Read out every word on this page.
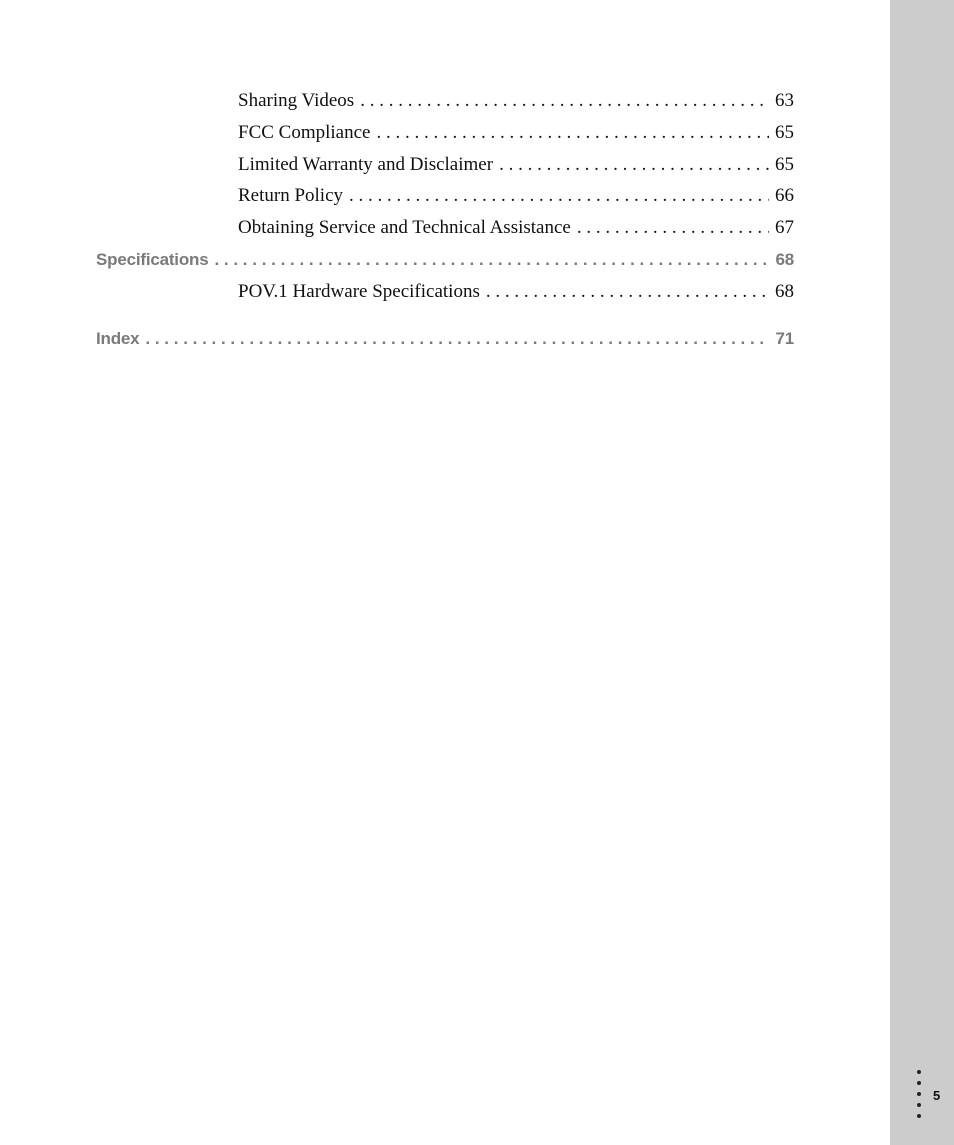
Sharing Videos . . .	63
FCC Compliance . . .	65
Limited Warranty and Disclaimer . . .	65
Return Policy . . .	66
Obtaining Service and Technical Assistance . . .	67
Specifications . . .	68
POV.1 Hardware Specifications . . .	68
Index . . .	71
5
